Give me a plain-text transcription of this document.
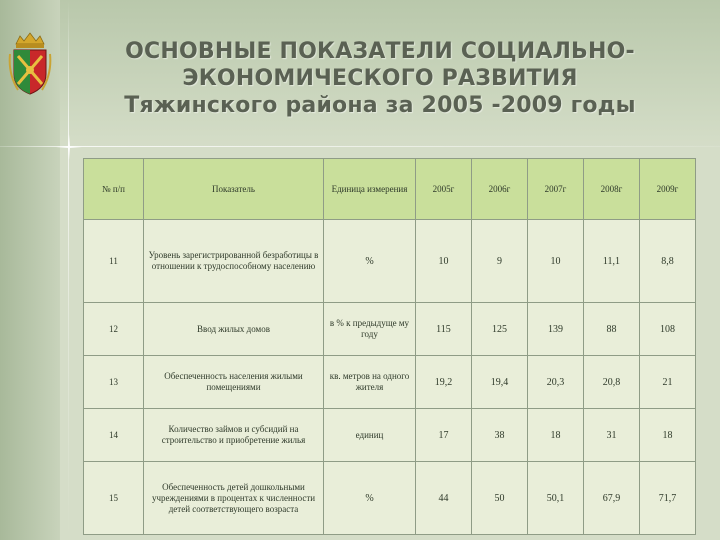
ОСНОВНЫЕ ПОКАЗАТЕЛИ СОЦИАЛЬНО-
ЭКОНОМИЧЕСКОГО РАЗВИТИЯ
Тяжинского района за 2005 -2009 годы
№ п/п	Показатель	Единица измерения	2005г	2006г	2007г	2008г	2009г
11	Уровень зарегистрированной безработицы в отношении к трудоспособному населению	%	10	9	10	11,1	8,8
12	Ввод жилых домов	в % к предыдуще му году	115	125	139	88	108
13	Обеспеченность населения жилыми помещениями	кв. метров на одного жителя	19,2	19,4	20,3	20,8	21
14	Количество займов и субсидий на строительство и приобретение жилья	единиц	17	38	18	31	18
15	Обеспеченность детей дошкольными учреждениями в процентах к численности детей соответствующего возраста	%	44	50	50,1	67,9	71,7
